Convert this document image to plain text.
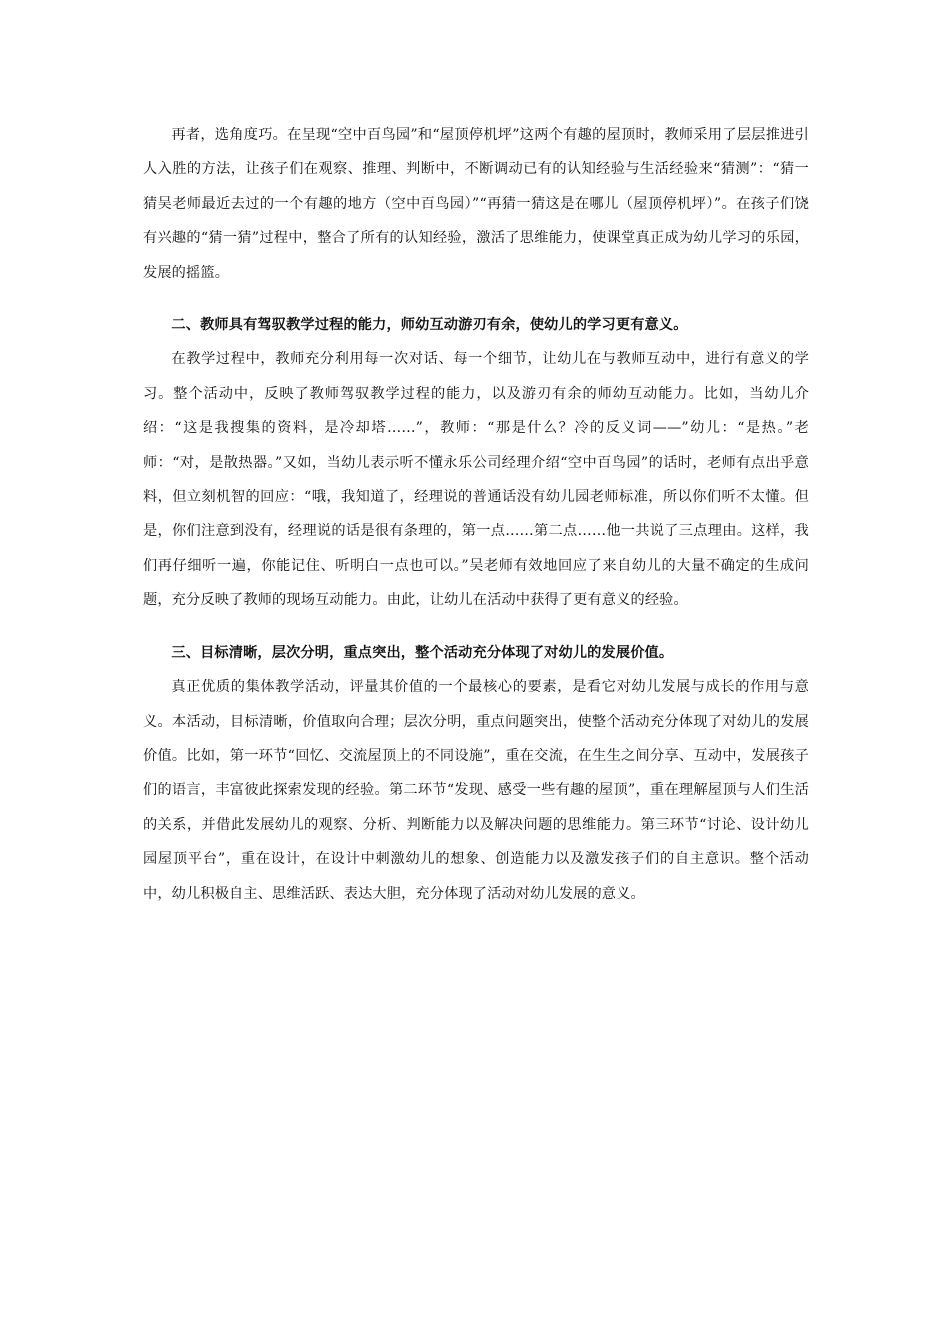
再者，选角度巧。在呈现“空中百鸟园”和“屋顶停机坪”这两个有趣的屋顶时，教师采用了层层推进引人入胜的方法，让孩子们在观察、推理、判断中，不断调动已有的认知经验与生活经验来“猜测”：“猜一猜吴老师最近去过的一个有趣的地方（空中百鸟园）”“再猜一猜这是在哪儿（屋顶停机坪）”。在孩子们饶有兴趣的“猜一猜”过程中，整合了所有的认知经验，激活了思维能力，使课堂真正成为幼儿学习的乐园，发展的摇篮。

二、教师具有驾驭教学过程的能力，师幼互动游刃有余，使幼儿的学习更有意义。

在教学过程中，教师充分利用每一次对话、每一个细节，让幼儿在与教师互动中，进行有意义的学习。整个活动中，反映了教师驾驭教学过程的能力，以及游刃有余的师幼互动能力。比如，当幼儿介绍：“这是我搜集的资料，是冷却塔……”，教师：“那是什么？冷的反义词——”幼儿：“是热。”老师：“对，是散热器。”又如，当幼儿表示听不懂永乐公司经理介绍“空中百鸟园”的话时，老师有点出乎意料，但立刻机智的回应：“哦，我知道了，经理说的普通话没有幼儿园老师标准，所以你们听不太懂。但是，你们注意到没有，经理说的话是很有条理的，第一点……第二点……他一共说了三点理由。这样，我们再仔细听一遍，你能记住、听明白一点也可以。”吴老师有效地回应了来自幼儿的大量不确定的生成问题，充分反映了教师的现场互动能力。由此，让幼儿在活动中获得了更有意义的经验。

三、目标清晰，层次分明，重点突出，整个活动充分体现了对幼儿的发展价值。

真正优质的集体教学活动，评量其价值的一个最核心的要素，是看它对幼儿发展与成长的作用与意义。本活动，目标清晰，价值取向合理；层次分明，重点问题突出，使整个活动充分体现了对幼儿的发展价值。比如，第一环节“回忆、交流屋顶上的不同设施”，重在交流，在生生之间分享、互动中，发展孩子们的语言，丰富彼此探索发现的经验。第二环节“发现、感受一些有趣的屋顶”，重在理解屋顶与人们生活的关系，并借此发展幼儿的观察、分析、判断能力以及解决问题的思维能力。第三环节“讨论、设计幼儿园屋顶平台”，重在设计，在设计中刺激幼儿的想象、创造能力以及激发孩子们的自主意识。整个活动中，幼儿积极自主、思维活跃、表达大胆，充分体现了活动对幼儿发展的意义。
